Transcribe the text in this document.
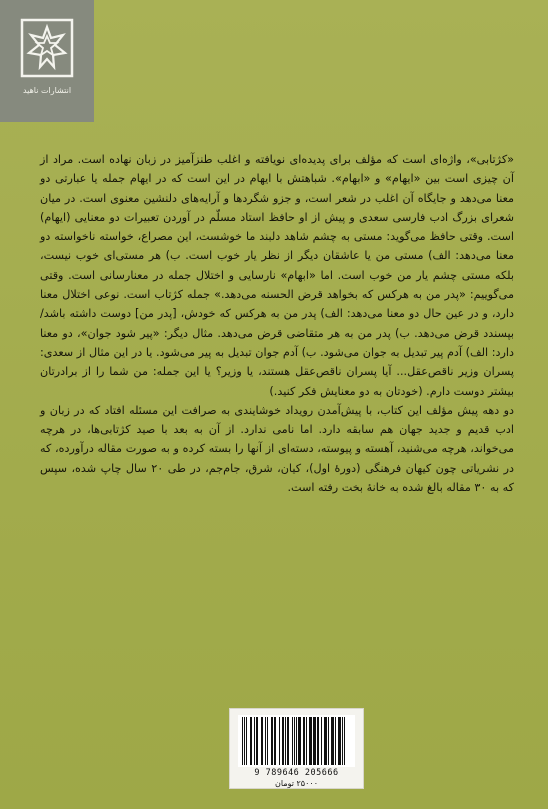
انتشارات ناهید

«کژتابی»، واژه‌ای است که مؤلف برای پدیده‌ای نویافته و اغلب طنزآمیز در زبان نهاده است. مراد از آن چیزی است بین «ایهام» و «ابهام». شباهتش با ایهام در این است که در ایهام جمله یا عبارتی دو معنا می‌دهد و جایگاه آن اغلب در شعر است، و جزو شگردها و آرایه‌های دلنشین معنوی است. در میان شعرای بزرگ ادب فارسی سعدی و پیش از او حافظ استاد مسلّم در آوردن تعبیرات دو معنایی (ایهام) است. وقتی حافظ می‌گوید: مستی به چشم شاهد دلبند ما خوشست، این مصراع، خواسته ناخواسته دو معنا می‌دهد: الف) مستی من یا عاشقان دیگر از نظر یار خوب است. ب) هر مستی‌ای خوب نیست، بلکه مستی چشم یار من خوب است. اما «ابهام» نارسایی و اختلال جمله در معنارسانی است. وقتی می‌گوییم: «پدر من به هرکس که بخواهد قرض الحسنه می‌دهد.» جمله کژتاب است. نوعی اختلال معنا دارد، و در عین حال دو معنا می‌دهد: الف) پدر من به هرکس که خودش، [پدر من] دوست داشته باشد/ بپسندد قرض می‌دهد. ب) پدر من به هر متقاضی قرض می‌دهد. مثال دیگر: «پیر شود جوان»، دو معنا دارد: الف) آدم پیر تبدیل به جوان می‌شود. ب) آدم جوان تبدیل به پیر می‌شود. یا در این مثال از سعدی: پسران وزیر ناقص‌عقل... آیا پسران ناقص‌عقل هستند، یا وزیر؟ یا این جمله: من شما را از برادرتان بیشتر دوست دارم. (خودتان به دو معنایش فکر کنید.)

دو دهه پیش مؤلف این کتاب، با پیش‌آمدن رویداد خوشایندی به صرافت این مسئله افتاد که در زبان و ادب قدیم و جدید جهان هم سابقه دارد. اما نامی ندارد. از آن به بعد با صید کژتابی‌ها، در هرچه می‌خواند، هرچه می‌شنید، آهسته و پیوسته، دسته‌ای از آنها را بسته کرده و به صورت مقاله درآورده، که در نشریاتی چون کیهان فرهنگی (دورهٔ اول)، کیان، شرق، جام‌جم، در طی ۲۰ سال چاپ شده، سپس که به ۳۰ مقاله بالغ شده به خانهٔ بخت رفته است.

9 789646 205666
۲۵۰۰۰ تومان
